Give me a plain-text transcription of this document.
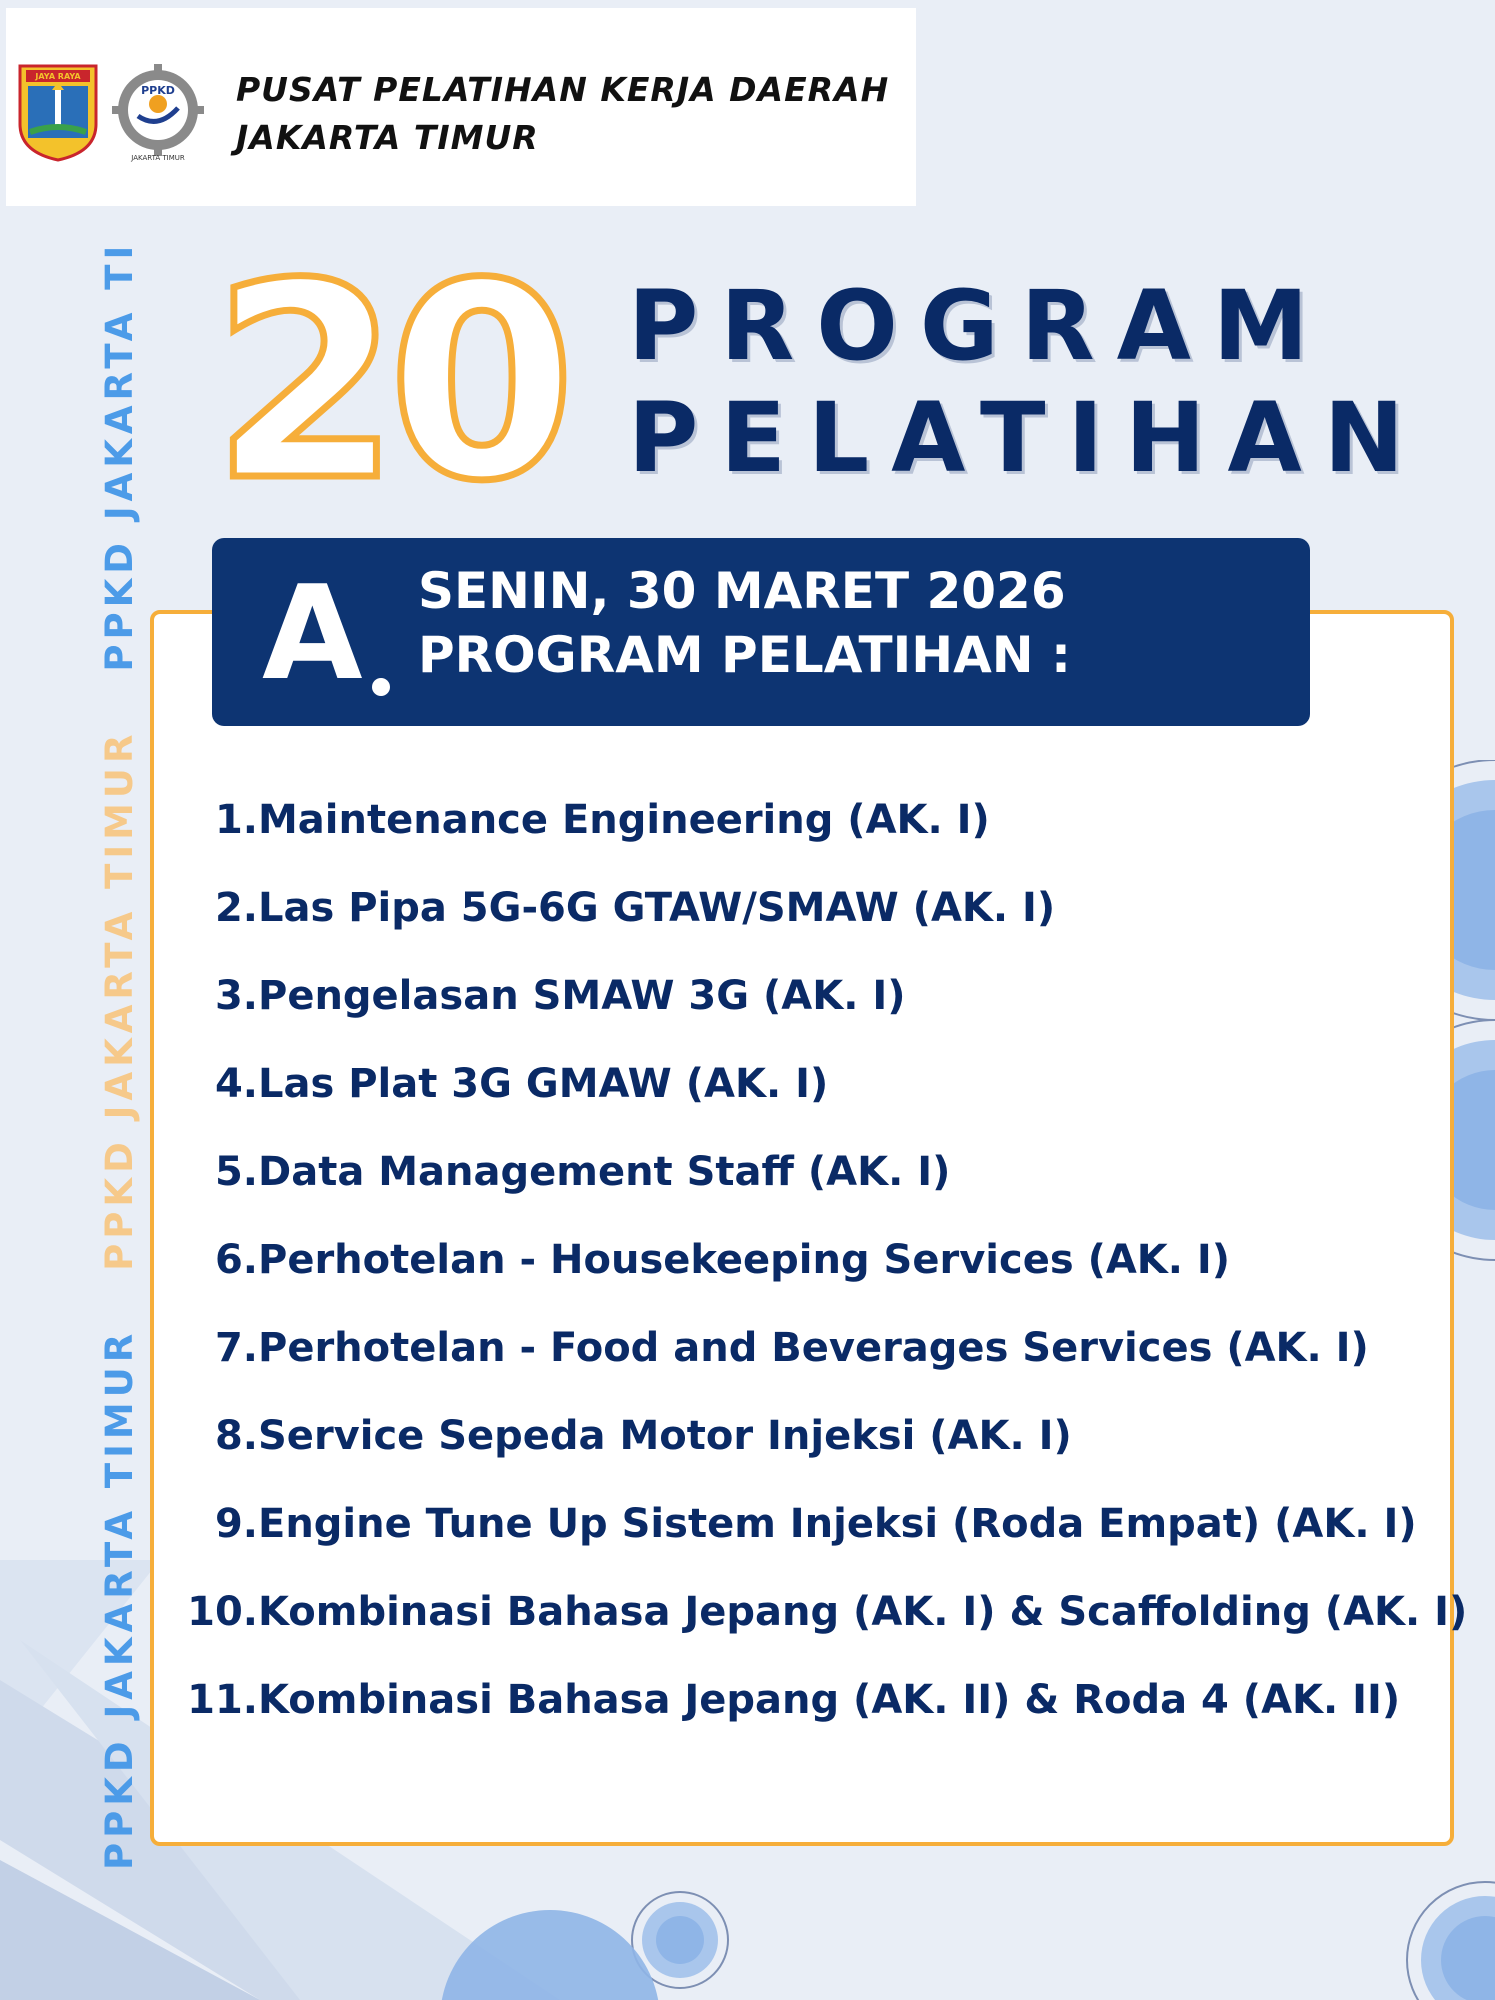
JAYA RAYA
PPKD
JAKARTA TIMUR
PUSAT PELATIHAN KERJA DAERAH
JAKARTA TIMUR
PPKD JAKARTA TIMUR PPKD JAKARTA TIMUR PPKD JAKARTA TI 20 PROGRAM
PELATIHAN
A SENIN, 30 MARET 2026
PROGRAM PELATIHAN :
1.Maintenance Engineering (AK. I)
2.Las Pipa 5G-6G GTAW/SMAW (AK. I)
3.Pengelasan SMAW 3G (AK. I)
4.Las Plat 3G GMAW (AK. I)
5.Data Management Staff (AK. I)
6.Perhotelan - Housekeeping Services (AK. I)
7.Perhotelan - Food and Beverages Services (AK. I)
8.Service Sepeda Motor Injeksi (AK. I)
9.Engine Tune Up Sistem Injeksi (Roda Empat) (AK. I)
10.Kombinasi Bahasa Jepang (AK. I) & Scaffolding (AK. I)
11.Kombinasi Bahasa Jepang (AK. II) & Roda 4 (AK. II)
